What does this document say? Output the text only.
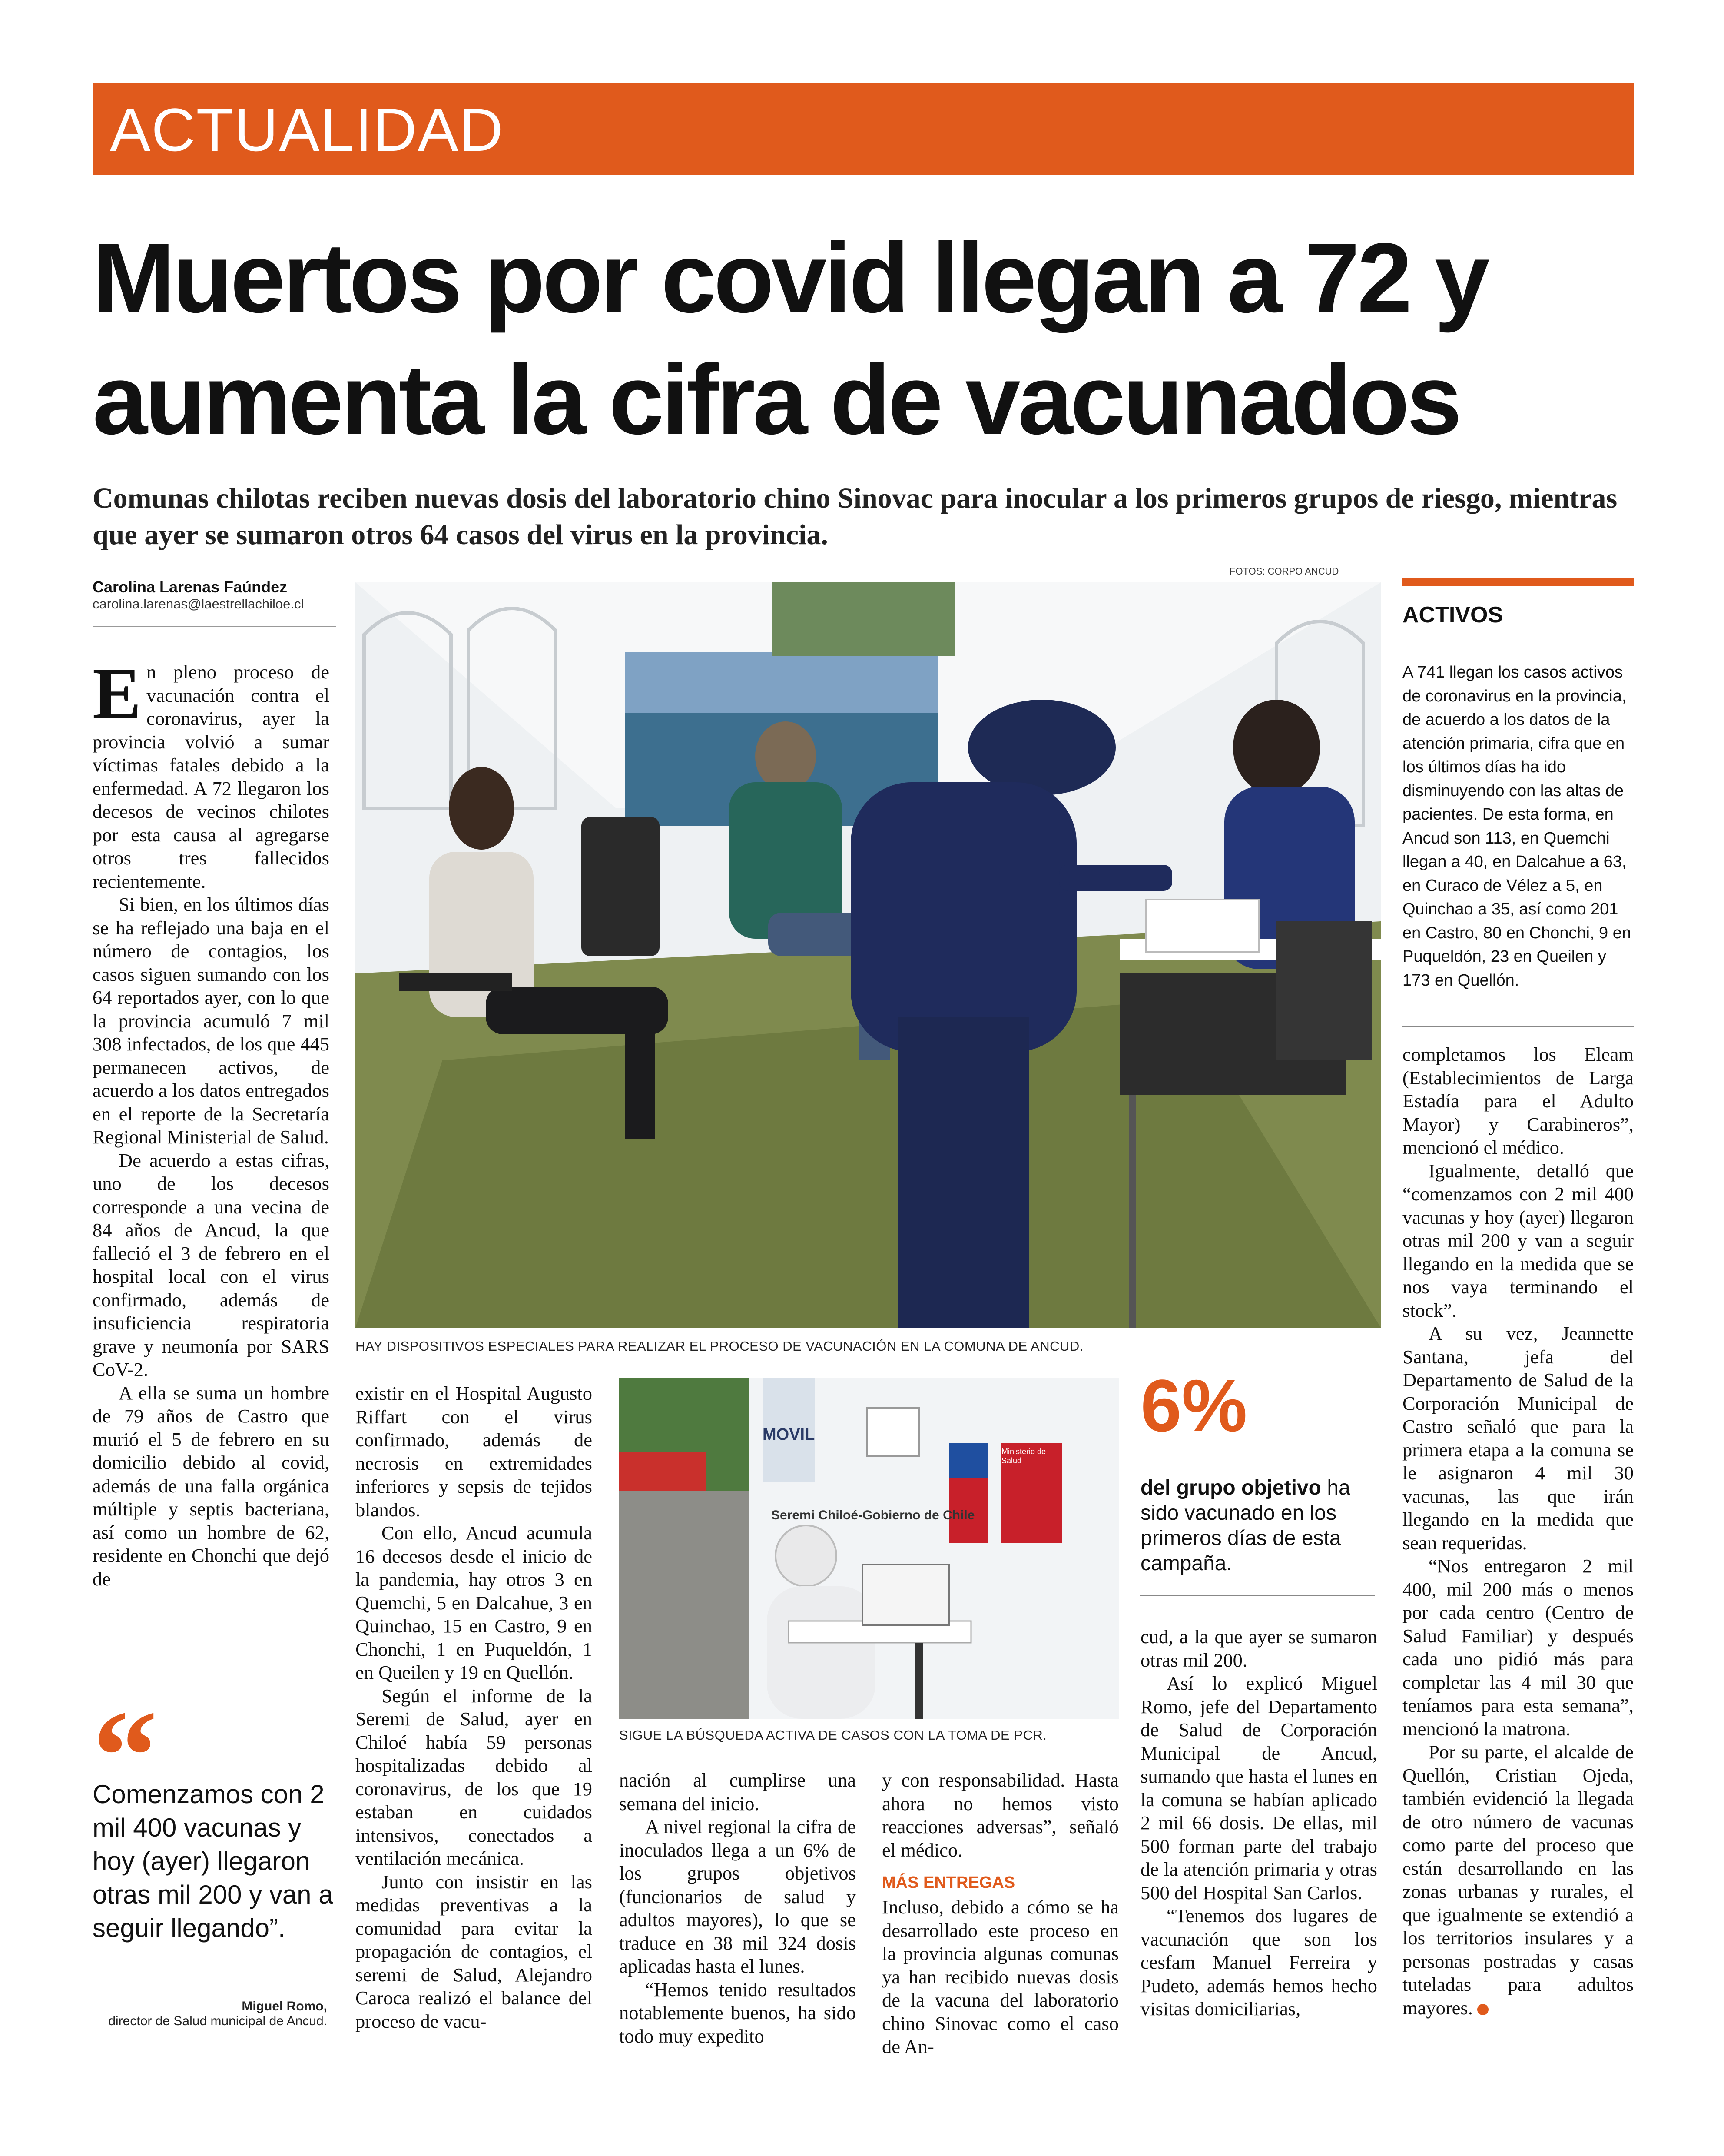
ACTUALIDAD
Muertos por covid llegan a 72 y aumenta la cifra de vacunados

Comunas chilotas reciben nuevas dosis del laboratorio chino Sinovac para inocular a los primeros grupos de riesgo, mientras que ayer se sumaron otros 64 casos del virus en la provincia.

Carolina Larenas Faúndez
carolina.larenas@laestrellachiloe.cl
FOTOS: CORPO ANCUD
HAY DISPOSITIVOS ESPECIALES PARA REALIZAR EL PROCESO DE VACUNACIÓN EN LA COMUNA DE ANCUD.
MOVIL
Seremi Chiloé-Gobierno de Chile
Ministerio de Salud
SIGUE LA BÚSQUEDA ACTIVA DE CASOS CON LA TOMA DE PCR.

En pleno proceso de vacunación contra el coronavirus, ayer la provincia volvió a sumar víctimas fatales debido a la enfermedad. A 72 llegaron los decesos de vecinos chilotes por esta causa al agregarse otros tres fallecidos recientemente.

Si bien, en los últimos días se ha reflejado una baja en el número de contagios, los casos siguen sumando con los 64 reportados ayer, con lo que la provincia acumuló 7 mil 308 infectados, de los que 445 permanecen activos, de acuerdo a los datos entregados en el reporte de la Secretaría Regional Ministerial de Salud.

De acuerdo a estas cifras, uno de los decesos corresponde a una vecina de 84 años de Ancud, la que falleció el 3 de febrero en el hospital local con el virus confirmado, además de insuficiencia respiratoria grave y neumonía por SARS CoV-2.

A ella se suma un hombre de 79 años de Castro que murió el 5 de febrero en su domicilio debido al covid, además de una falla orgánica múltiple y septis bacteriana, así como un hombre de 62, residente en Chonchi que dejó de

“

Comenzamos con 2 mil 400 vacunas y hoy (ayer) llegaron otras mil 200 y van a seguir llegando”.

Miguel Romo,
director de Salud municipal de Ancud.

existir en el Hospital Augusto Riffart con el virus confirmado, además de necrosis en extremidades inferiores y sepsis de tejidos blandos.

Con ello, Ancud acumula 16 decesos desde el inicio de la pandemia, hay otros 3 en Quemchi, 5 en Dalcahue, 3 en Quinchao, 15 en Castro, 9 en Chonchi, 1 en Puqueldón, 1 en Queilen y 19 en Quellón.

Según el informe de la Seremi de Salud, ayer en Chiloé había 59 personas hospitalizadas debido al coronavirus, de los que 19 estaban en cuidados intensivos, conectados a ventilación mecánica.

Junto con insistir en las medidas preventivas a la comunidad para evitar la propagación de contagios, el seremi de Salud, Alejandro Caroca realizó el balance del proceso de vacu-

nación al cumplirse una semana del inicio.

A nivel regional la cifra de inoculados llega a un 6% de los grupos objetivos (funcionarios de salud y adultos mayores), lo que se traduce en 38 mil 324 dosis aplicadas hasta el lunes.

“Hemos tenido resultados notablemente buenos, ha sido todo muy expedito

y con responsabilidad. Hasta ahora no hemos visto reacciones adversas”, señaló el médico.

MÁS ENTREGAS

Incluso, debido a cómo se ha desarrollado este proceso en la provincia algunas comunas ya han recibido nuevas dosis de la vacuna del laboratorio chino Sinovac como el caso de An-

6%

del grupo objetivo ha sido vacunado en los primeros días de esta campaña.

cud, a la que ayer se sumaron otras mil 200.

Así lo explicó Miguel Romo, jefe del Departamento de Salud de Corporación Municipal de Ancud, sumando que hasta el lunes en la comuna se habían aplicado 2 mil 66 dosis. De ellas, mil 500 forman parte del trabajo de la atención primaria y otras 500 del Hospital San Carlos.

“Tenemos dos lugares de vacunación que son los cesfam Manuel Ferreira y Pudeto, además hemos hecho visitas domiciliarias,

ACTIVOS

A 741 llegan los casos activos de coronavirus en la provincia, de acuerdo a los datos de la atención primaria, cifra que en los últimos días ha ido disminuyendo con las altas de pacientes. De esta forma, en Ancud son 113, en Quemchi llegan a 40, en Dalcahue a 63, en Curaco de Vélez a 5, en Quinchao a 35, así como 201 en Castro, 80 en Chonchi, 9 en Puqueldón, 23 en Queilen y 173 en Quellón.

completamos los Eleam (Establecimientos de Larga Estadía para el Adulto Mayor) y Carabineros”, mencionó el médico.

Igualmente, detalló que “comenzamos con 2 mil 400 vacunas y hoy (ayer) llegaron otras mil 200 y van a seguir llegando en la medida que se nos vaya terminando el stock”.

A su vez, Jeannette Santana, jefa del Departamento de Salud de la Corporación Municipal de Castro señaló que para la primera etapa a la comuna se le asignaron 4 mil 30 vacunas, las que irán llegando en la medida que sean requeridas.

“Nos entregaron 2 mil 400, mil 200 más o menos por cada centro (Centro de Salud Familiar) y después cada uno pidió más para completar las 4 mil 30 que teníamos para esta semana”, mencionó la matrona.

Por su parte, el alcalde de Quellón, Cristian Ojeda, también evidenció la llegada de otro número de vacunas como parte del proceso que están desarrollando en las zonas urbanas y rurales, el que igualmente se extendió a los territorios insulares y a personas postradas y casas tuteladas para adultos mayores.
